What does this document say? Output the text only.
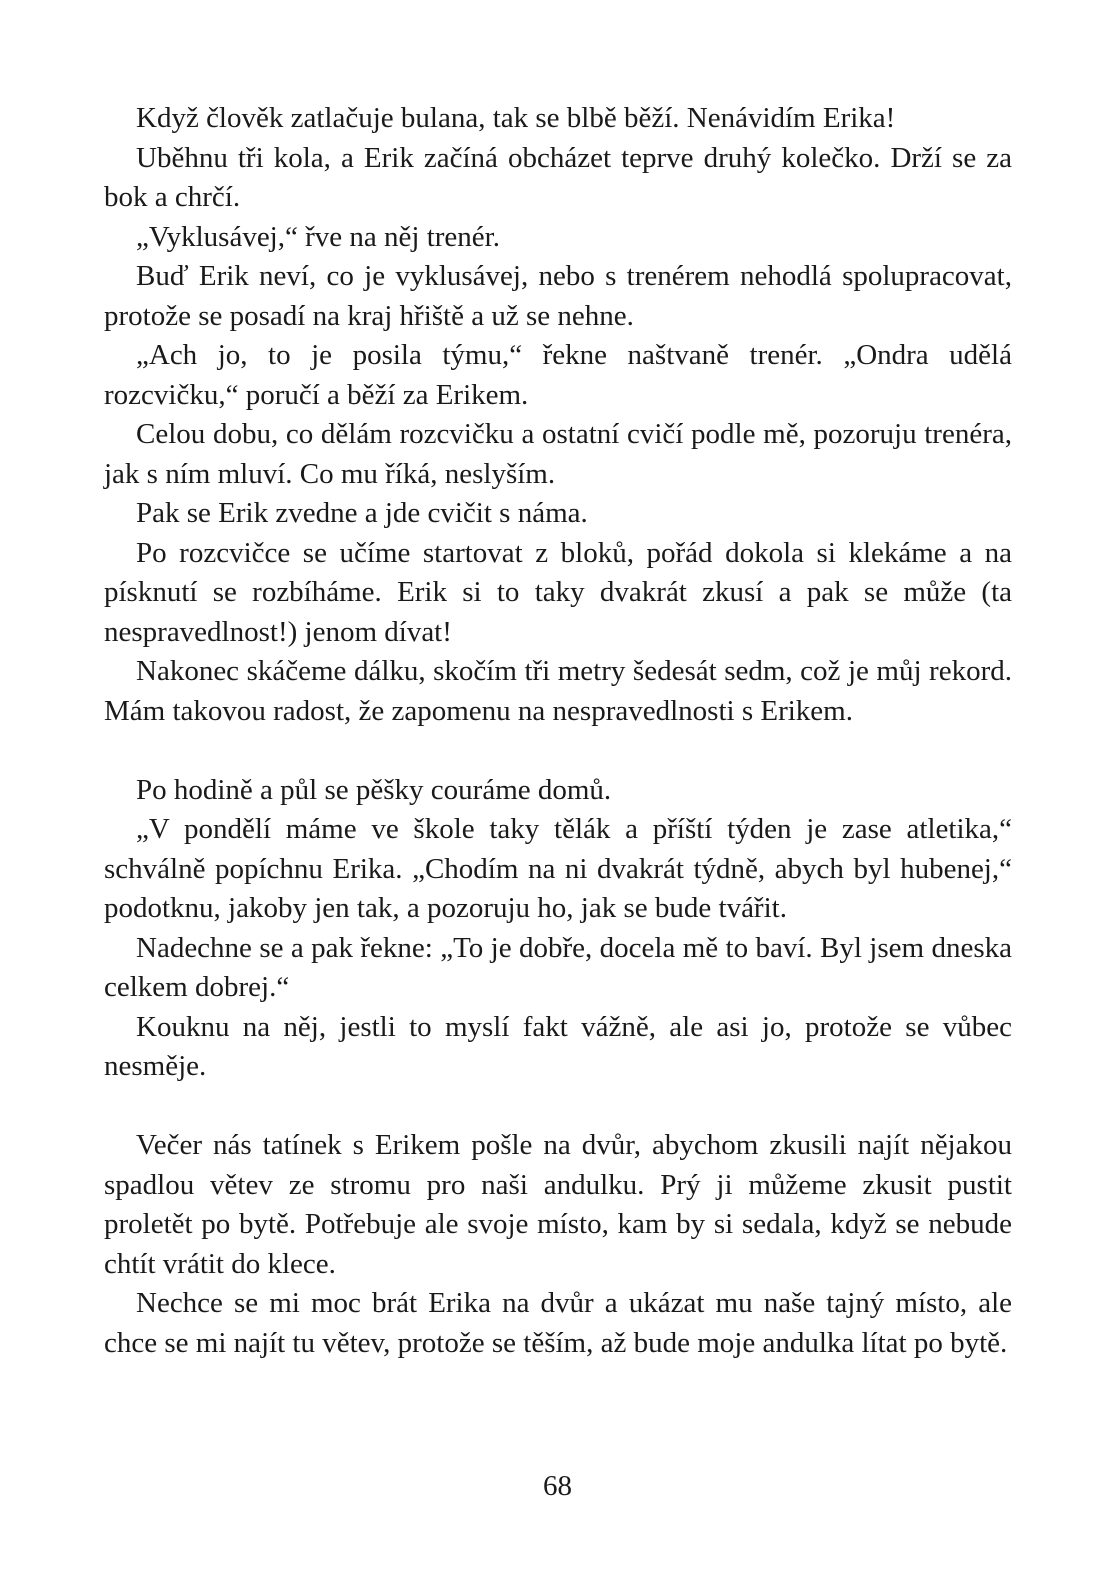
Když člověk zatlačuje bulana, tak se blbě běží. Nenávidím Erika!

Uběhnu tři kola, a Erik začíná obcházet teprve druhý kolečko. Drží se za bok a chrčí.

„Vyklusávej,“ řve na něj trenér.

Buď Erik neví, co je vyklusávej, nebo s trenérem nehodlá spolupracovat, protože se posadí na kraj hřiště a už se nehne.

„Ach jo, to je posila týmu,“ řekne naštvaně trenér. „Ondra udělá rozcvičku,“ poručí a běží za Erikem.

Celou dobu, co dělám rozcvičku a ostatní cvičí podle mě, pozoruju trenéra, jak s ním mluví. Co mu říká, neslyším.

Pak se Erik zvedne a jde cvičit s náma.

Po rozcvičce se učíme startovat z bloků, pořád dokola si klekáme a na písknutí se rozbíháme. Erik si to taky dvakrát zkusí a pak se může (ta nespravedlnost!) jenom dívat!

Nakonec skáčeme dálku, skočím tři metry šedesát sedm, což je můj rekord. Mám takovou radost, že zapomenu na nespravedlnosti s Erikem.

Po hodině a půl se pěšky couráme domů.

„V pondělí máme ve škole taky tělák a příští týden je zase atletika,“ schválně popíchnu Erika. „Chodím na ni dvakrát týdně, abych byl hubenej,“ podotknu, jakoby jen tak, a pozoruju ho, jak se bude tvářit.

Nadechne se a pak řekne: „To je dobře, docela mě to baví. Byl jsem dneska celkem dobrej.“

Kouknu na něj, jestli to myslí fakt vážně, ale asi jo, protože se vůbec nesměje.

Večer nás tatínek s Erikem pošle na dvůr, abychom zkusili najít nějakou spadlou větev ze stromu pro naši andulku. Prý ji můžeme zkusit pustit proletět po bytě. Potřebuje ale svoje místo, kam by si sedala, když se nebude chtít vrátit do klece.

Nechce se mi moc brát Erika na dvůr a ukázat mu naše tajný místo, ale chce se mi najít tu větev, protože se těším, až bude moje andulka lítat po bytě.

68
